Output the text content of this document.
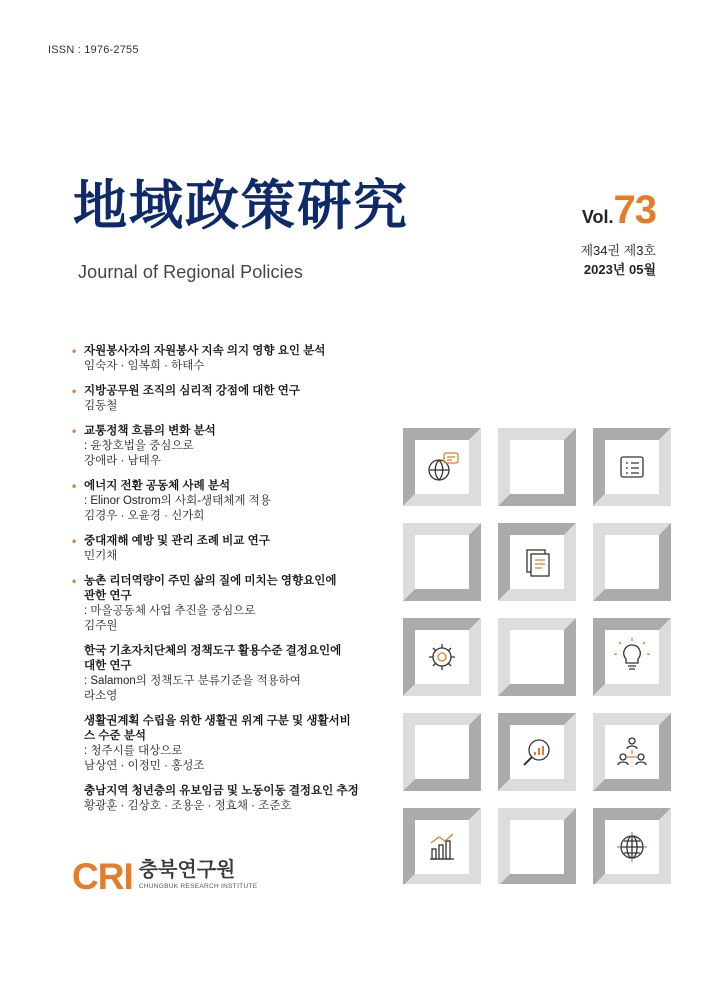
ISSN : 1976-2755
地域政策硏究
Journal of Regional Policies
Vol.73
제34권 제3호
2023년 05월
• 자원봉사자의 자원봉사 지속 의지 영향 요인 분석
임숙자 · 임복희 · 하태수
• 지방공무원 조직의 심리적 강점에 대한 연구
김동철
• 교통정책 흐름의 변화 분석
: 윤창호법을 중심으로
강애라 · 남태우
• 에너지 전환 공동체 사례 분석
: Elinor Ostrom의 사회-생태체계 적용
김경우 · 오윤경 · 신가희
• 중대재해 예방 및 관리 조례 비교 연구
민기채
• 농촌 리더역량이 주민 삶의 질에 미치는 영향요인에 관한 연구
: 마을공동체 사업 추진을 중심으로
김주원
한국 기초자치단체의 정책도구 활용수준 결정요인에 대한 연구
: Salamon의 정책도구 분류기준을 적용하여
라소영
생활권계획 수립을 위한 생활권 위계 구분 및 생활서비스 수준 분석
: 청주시를 대상으로
남상연 · 이정민 · 홍성조
충남지역 청년층의 유보임금 및 노동이동 결정요인 추정
황광훈 · 김상호 · 조용운 · 정효채 · 조준호
CRI 충북연구원
CHUNGBUK RESEARCH INSTITUTE
